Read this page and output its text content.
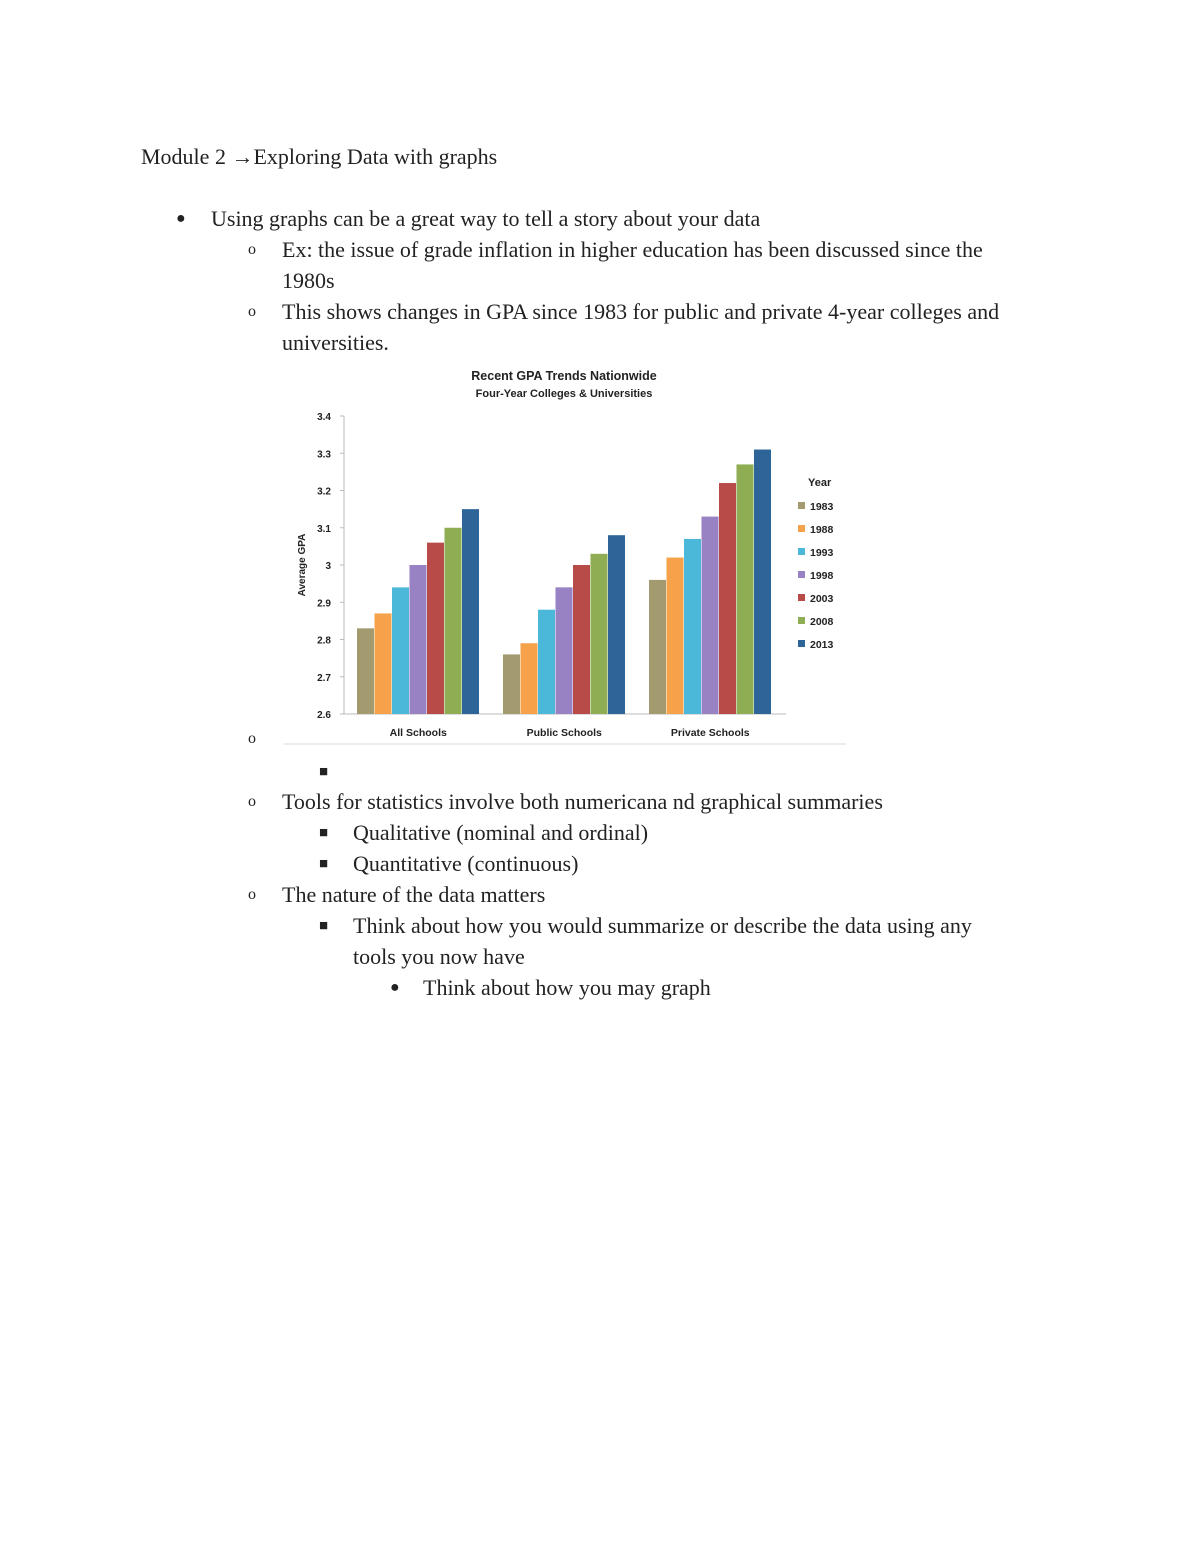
Module 2 →Exploring Data with graphs
● Using graphs can be a great way to tell a story about your data
o Ex: the issue of grade inflation in higher education has been discussed since the
1980s
o This shows changes in GPA since 1983 for public and private 4-year colleges and
universities.
Recent GPA Trends Nationwide
Four-Year Colleges & Universities
Average GPA
2.6
2.7
2.8
2.9
3
3.1
3.2
3.3
3.4
All Schools	Public Schools	Private Schools
Year
1983
1988
1993
1998
2003
2008
2013
o
■
o Tools for statistics involve both numericana nd graphical summaries
■ Qualitative (nominal and ordinal)
■ Quantitative (continuous)
o The nature of the data matters
■ Think about how you would summarize or describe the data using any
tools you now have
● Think about how you may graph
